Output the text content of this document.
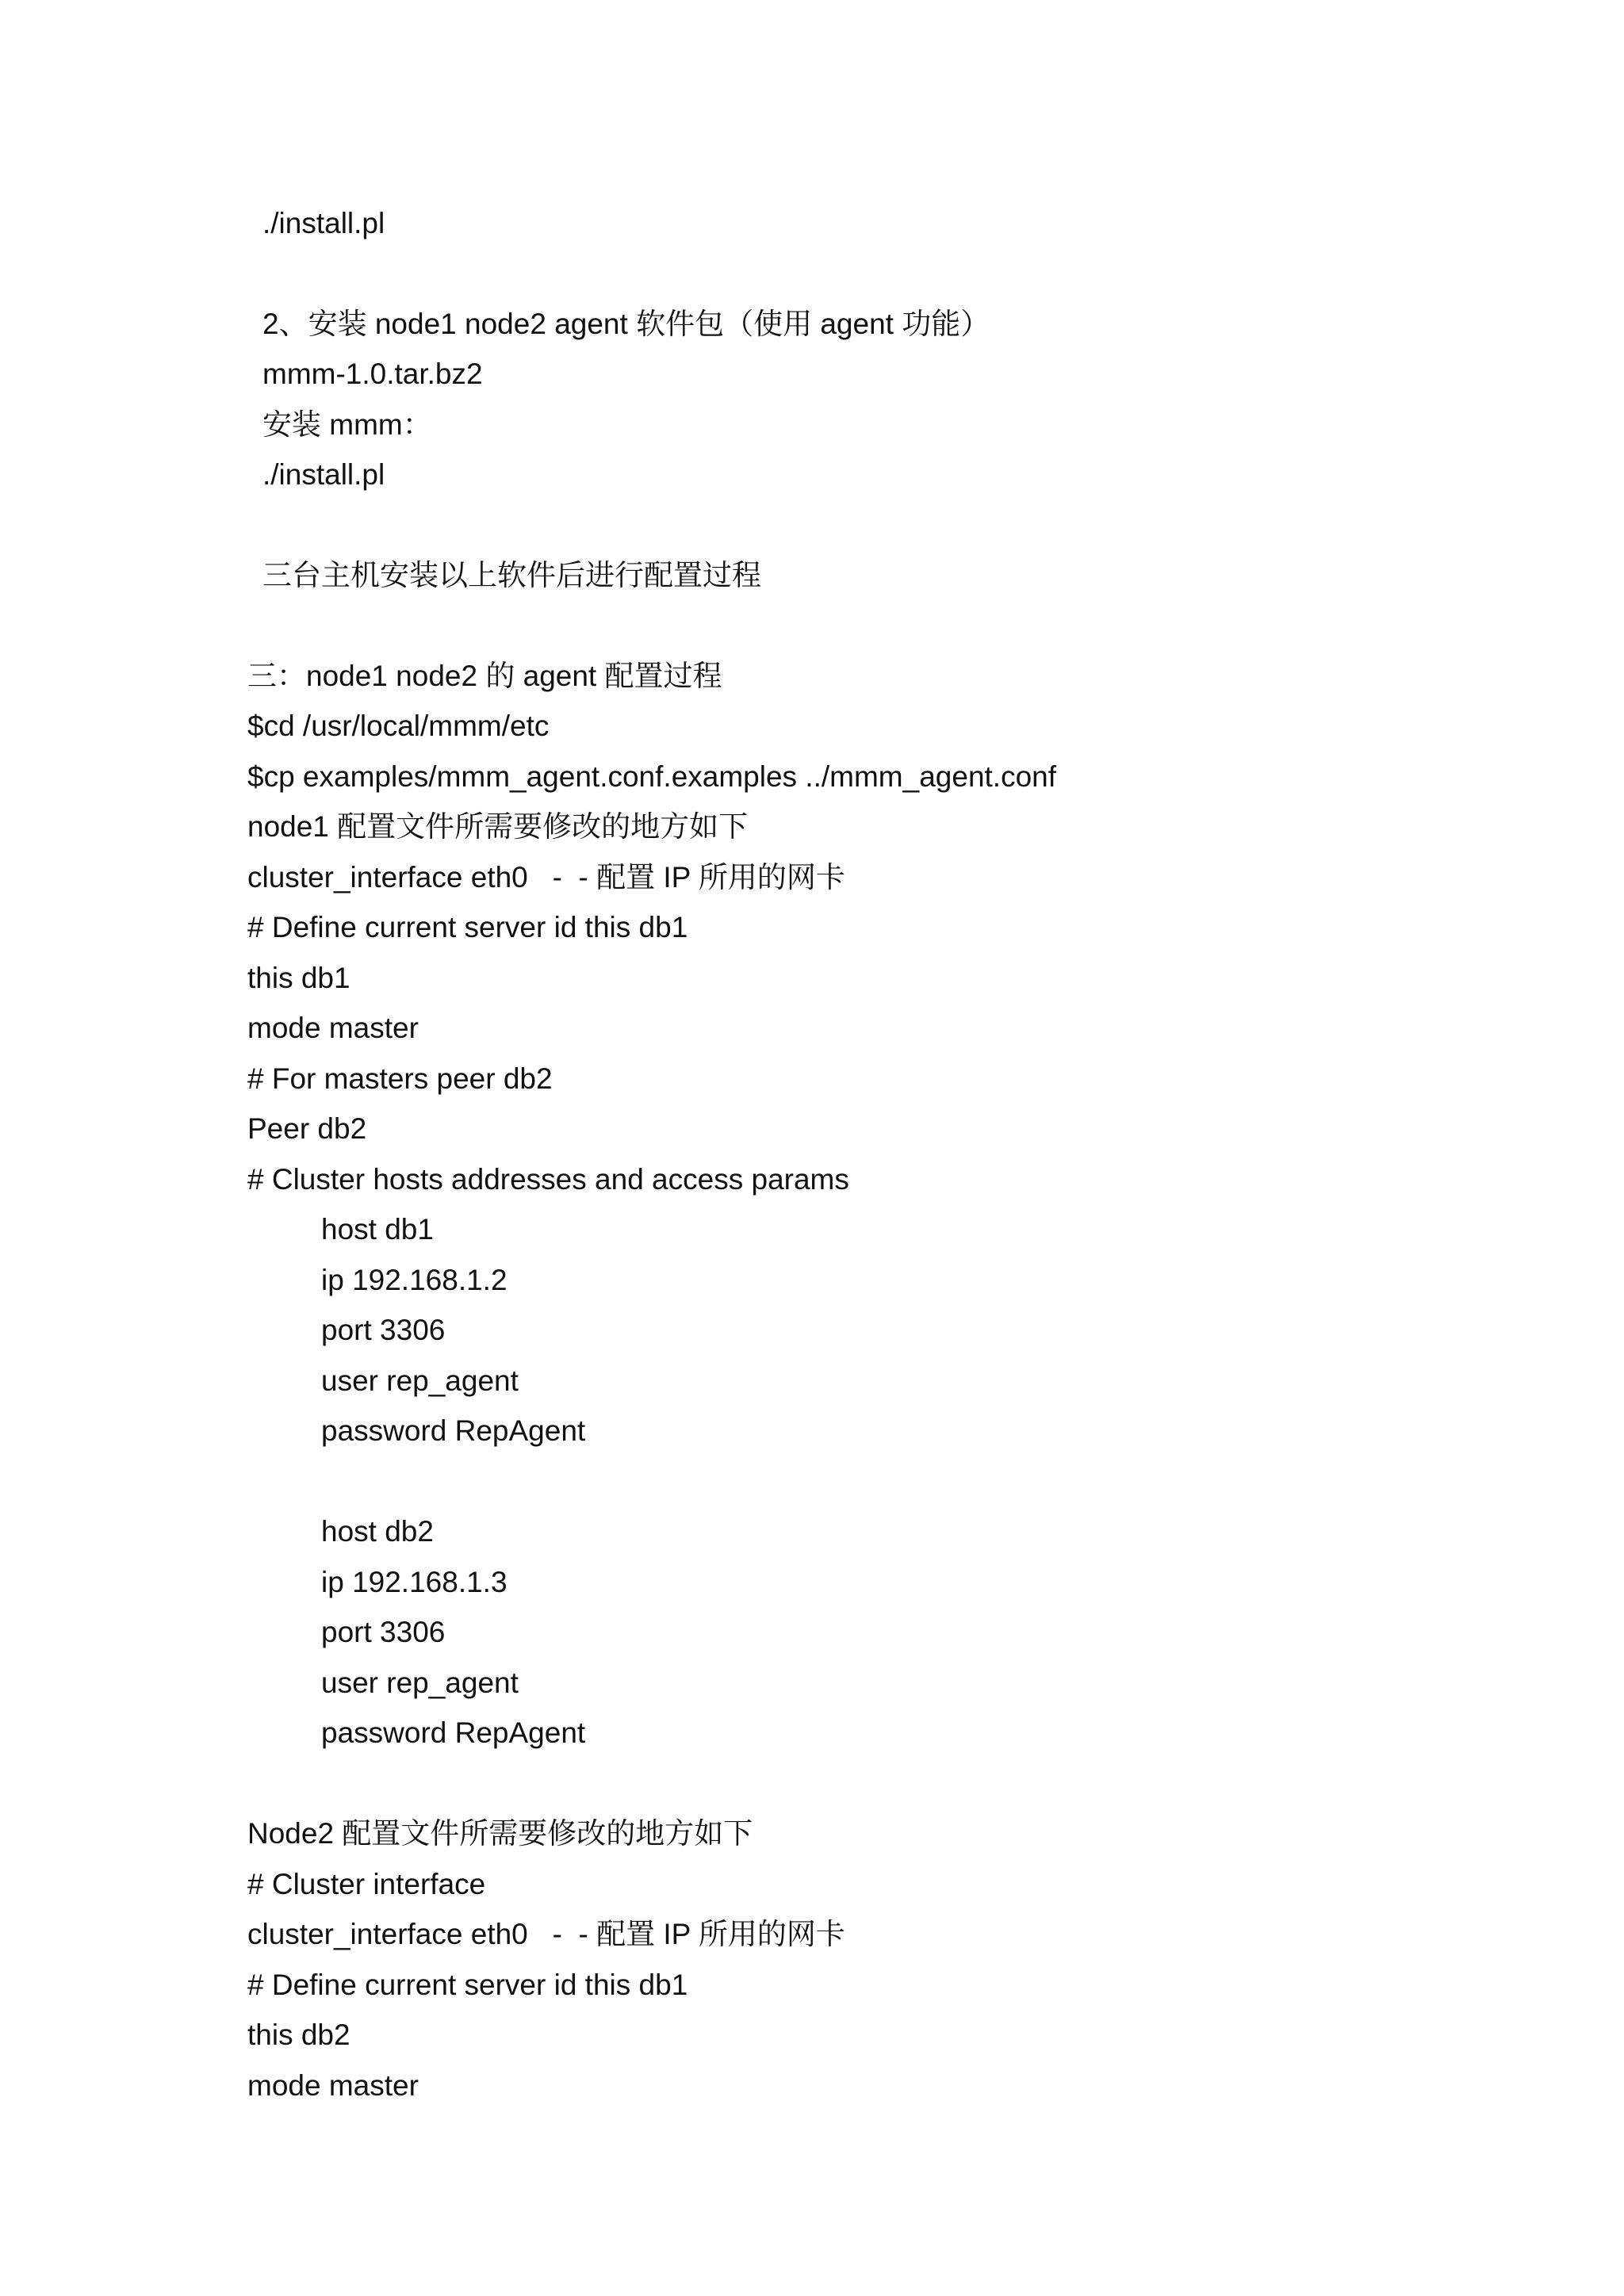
./install.pl

2、安装 node1 node2 agent 软件包（使用 agent 功能）

mmm-1.0.tar.bz2

安装 mmm：

./install.pl

三台主机安装以上软件后进行配置过程

三：node1 node2 的 agent 配置过程

$cd /usr/local/mmm/etc

$cp examples/mmm_agent.conf.examples ../mmm_agent.conf

node1 配置文件所需要修改的地方如下

cluster_interface eth0   -  - 配置 IP 所用的网卡

# Define current server id this db1

this db1

mode master

# For masters peer db2

Peer db2

# Cluster hosts addresses and access params

host db1

ip 192.168.1.2

port 3306

user rep_agent

password RepAgent

host db2

ip 192.168.1.3

port 3306

user rep_agent

password RepAgent

Node2 配置文件所需要修改的地方如下

# Cluster interface

cluster_interface eth0   -  - 配置 IP 所用的网卡

# Define current server id this db1

this db2

mode master
